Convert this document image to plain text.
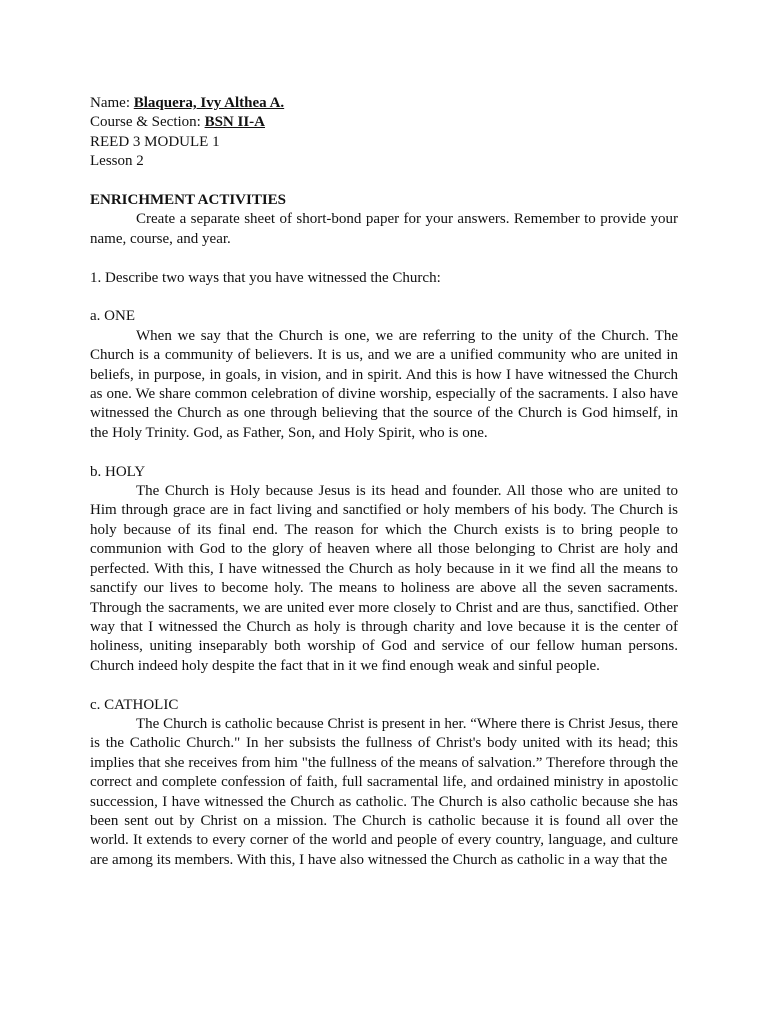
Name: Blaquera, Ivy Althea A.
Course & Section: BSN II-A
REED 3 MODULE 1
Lesson 2
ENRICHMENT ACTIVITIES

Create a separate sheet of short-bond paper for your answers. Remember to provide your name, course, and year.

1. Describe two ways that you have witnessed the Church:
a. ONE

When we say that the Church is one, we are referring to the unity of the Church. The Church is a community of believers. It is us, and we are a unified community who are united in beliefs, in purpose, in goals, in vision, and in spirit. And this is how I have witnessed the Church as one. We share common celebration of divine worship, especially of the sacraments. I also have witnessed the Church as one through believing that the source of the Church is God himself, in the Holy Trinity. God, as Father, Son, and Holy Spirit, who is one.

b. HOLY

The Church is Holy because Jesus is its head and founder. All those who are united to Him through grace are in fact living and sanctified or holy members of his body. The Church is holy because of its final end. The reason for which the Church exists is to bring people to communion with God to the glory of heaven where all those belonging to Christ are holy and perfected. With this, I have witnessed the Church as holy because in it we find all the means to sanctify our lives to become holy. The means to holiness are above all the seven sacraments. Through the sacraments, we are united ever more closely to Christ and are thus, sanctified. Other way that I witnessed the Church as holy is through charity and love because it is the center of holiness, uniting inseparably both worship of God and service of our fellow human persons. Church indeed holy despite the fact that in it we find enough weak and sinful people.

c. CATHOLIC

The Church is catholic because Christ is present in her. “Where there is Christ Jesus, there is the Catholic Church." In her subsists the fullness of Christ's body united with its head; this implies that she receives from him "the fullness of the means of salvation.” Therefore through the correct and complete confession of faith, full sacramental life, and ordained ministry in apostolic succession, I have witnessed the Church as catholic. The Church is also catholic because she has been sent out by Christ on a mission. The Church is catholic because it is found all over the world. It extends to every corner of the world and people of every country, language, and culture are among its members. With this, I have also witnessed the Church as catholic in a way that the
